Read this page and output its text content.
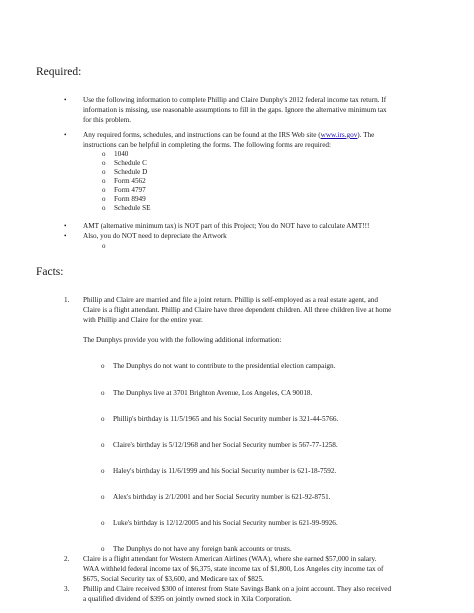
Required:
• Use the following information to complete Phillip and Claire Dunphy's 2012 federal income tax return. If
information is missing, use reasonable assumptions to fill in the gaps. Ignore the alternative minimum tax
for this problem.
• Any required forms, schedules, and instructions can be found at the IRS Web site (www.irs.gov). The
instructions can be helpful in completing the forms. The following forms are required:
o 1040
o Schedule C
o Schedule D
o Form 4562
o Form 4797
o Form 8949
o Schedule SE
• AMT (alternative minimum tax) is NOT part of this Project; You do NOT have to calculate AMT!!!
• Also, you do NOT need to depreciate the Artwork
o
Facts:
1. Phillip and Claire are married and file a joint return. Phillip is self-employed as a real estate agent, and
Claire is a flight attendant. Phillip and Claire have three dependent children. All three children live at home
with Phillip and Claire for the entire year.
The Dunphys provide you with the following additional information:
o The Dunphys do not want to contribute to the presidential election campaign.
o The Dunphys live at 3701 Brighton Avenue, Los Angeles, CA 90018.
o Phillip's birthday is 11/5/1965 and his Social Security number is 321-44-5766.
o Claire's birthday is 5/12/1968 and her Social Security number is 567-77-1258.
o Haley's birthday is 11/6/1999 and his Social Security number is 621-18-7592.
o Alex's birthday is 2/1/2001 and her Social Security number is 621-92-8751.
o Luke's birthday is 12/12/2005 and his Social Security number is 621-99-9926.
o The Dunphys do not have any foreign bank accounts or trusts.
2. Claire is a flight attendant for Western American Airlines (WAA), where she earned $57,000 in salary.
WAA withheld federal income tax of $6,375, state income tax of $1,800, Los Angeles city income tax of
$675, Social Security tax of $3,600, and Medicare tax of $825.
3. Phillip and Claire received $300 of interest from State Savings Bank on a joint account. They also received
a qualified dividend of $395 on jointly owned stock in Xila Corporation.
